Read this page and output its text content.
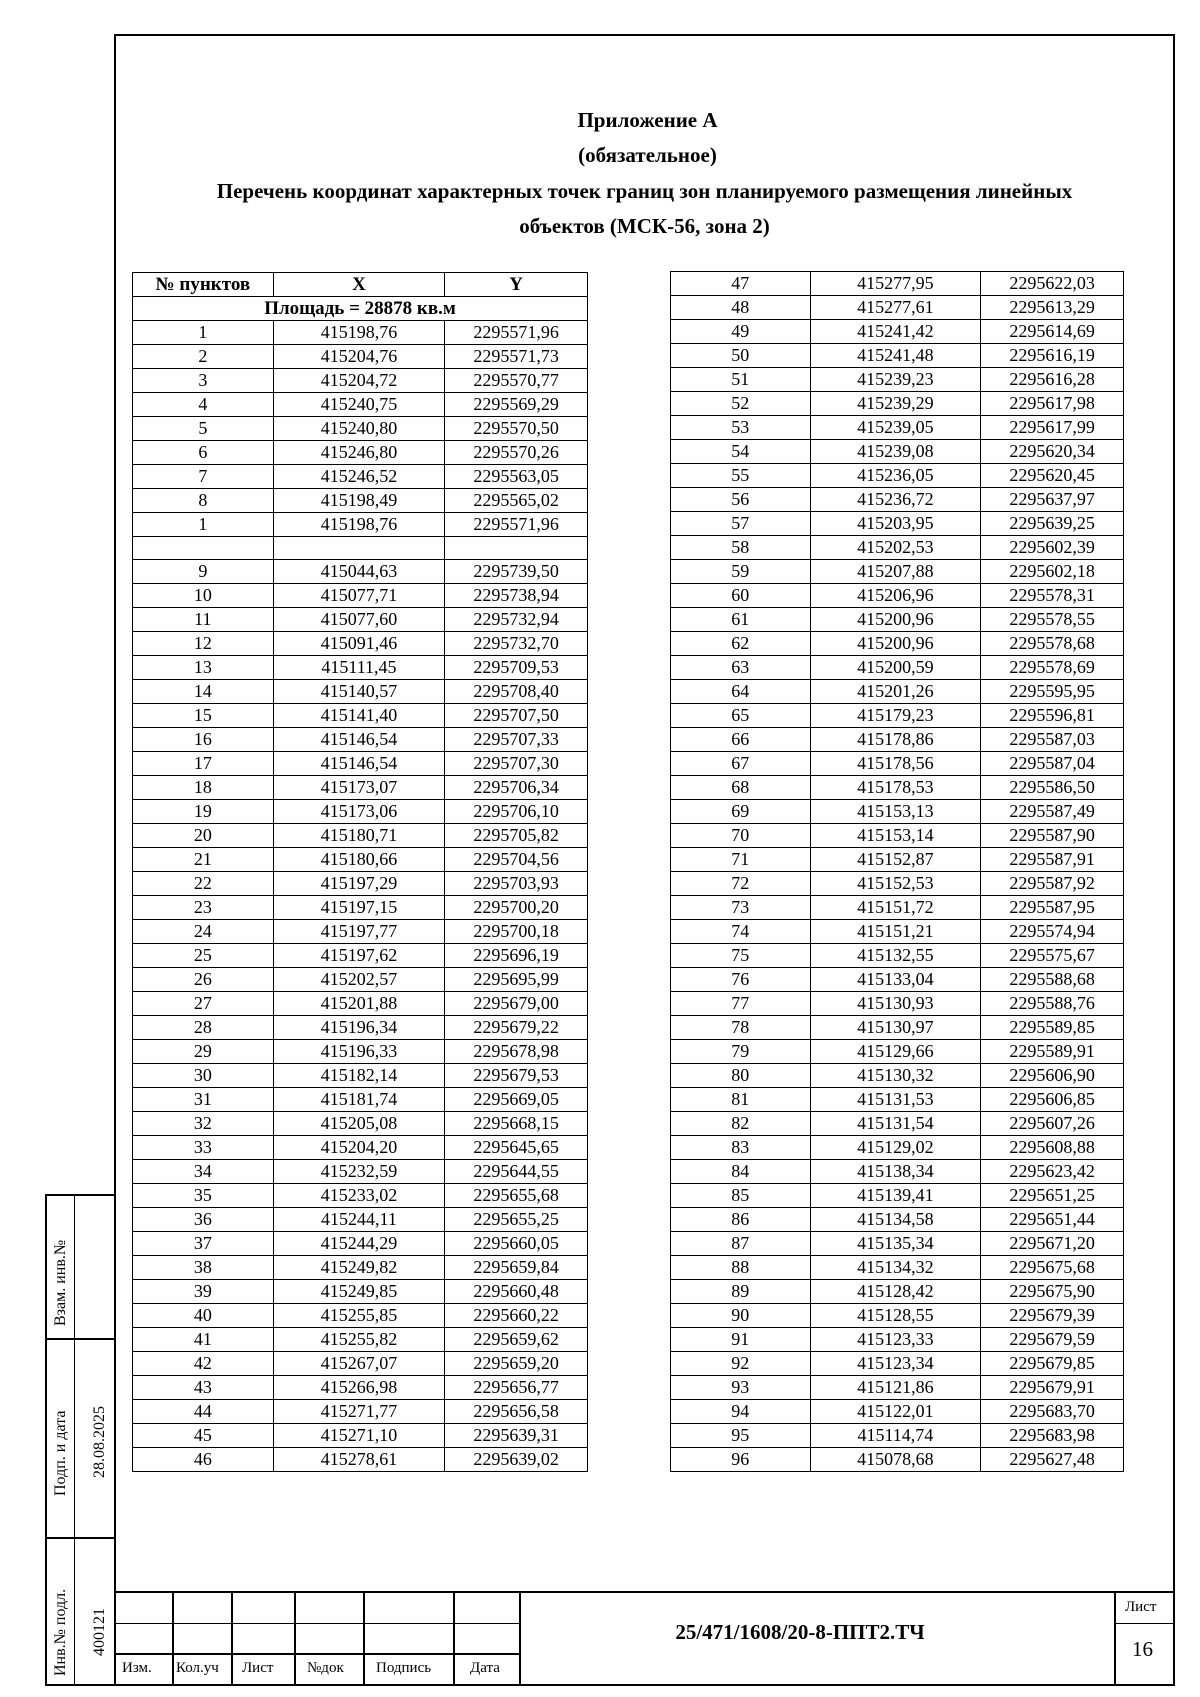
Приложение А
(обязательное)
Перечень координат характерных точек границ зон планируемого размещения линейных
объектов (МСК-56, зона 2)
№ пунктов	X	Y
Площадь = 28878 кв.м		
1	415198,76	2295571,96
2	415204,76	2295571,73
3	415204,72	2295570,77
4	415240,75	2295569,29
5	415240,80	2295570,50
6	415246,80	2295570,26
7	415246,52	2295563,05
8	415198,49	2295565,02
1	415198,76	2295571,96

9	415044,63	2295739,50
10	415077,71	2295738,94
11	415077,60	2295732,94
12	415091,46	2295732,70
13	415111,45	2295709,53
14	415140,57	2295708,40
15	415141,40	2295707,50
16	415146,54	2295707,33
17	415146,54	2295707,30
18	415173,07	2295706,34
19	415173,06	2295706,10
20	415180,71	2295705,82
21	415180,66	2295704,56
22	415197,29	2295703,93
23	415197,15	2295700,20
24	415197,77	2295700,18
25	415197,62	2295696,19
26	415202,57	2295695,99
27	415201,88	2295679,00
28	415196,34	2295679,22
29	415196,33	2295678,98
30	415182,14	2295679,53
31	415181,74	2295669,05
32	415205,08	2295668,15
33	415204,20	2295645,65
34	415232,59	2295644,55
35	415233,02	2295655,68
36	415244,11	2295655,25
37	415244,29	2295660,05
38	415249,82	2295659,84
39	415249,85	2295660,48
40	415255,85	2295660,22
41	415255,82	2295659,62
42	415267,07	2295659,20
43	415266,98	2295656,77
44	415271,77	2295656,58
45	415271,10	2295639,31
46	415278,61	2295639,02
47	415277,95	2295622,03
48	415277,61	2295613,29
49	415241,42	2295614,69
50	415241,48	2295616,19
51	415239,23	2295616,28
52	415239,29	2295617,98
53	415239,05	2295617,99
54	415239,08	2295620,34
55	415236,05	2295620,45
56	415236,72	2295637,97
57	415203,95	2295639,25
58	415202,53	2295602,39
59	415207,88	2295602,18
60	415206,96	2295578,31
61	415200,96	2295578,55
62	415200,96	2295578,68
63	415200,59	2295578,69
64	415201,26	2295595,95
65	415179,23	2295596,81
66	415178,86	2295587,03
67	415178,56	2295587,04
68	415178,53	2295586,50
69	415153,13	2295587,49
70	415153,14	2295587,90
71	415152,87	2295587,91
72	415152,53	2295587,92
73	415151,72	2295587,95
74	415151,21	2295574,94
75	415132,55	2295575,67
76	415133,04	2295588,68
77	415130,93	2295588,76
78	415130,97	2295589,85
79	415129,66	2295589,91
80	415130,32	2295606,90
81	415131,53	2295606,85
82	415131,54	2295607,26
83	415129,02	2295608,88
84	415138,34	2295623,42
85	415139,41	2295651,25
86	415134,58	2295651,44
87	415135,34	2295671,20
88	415134,32	2295675,68
89	415128,42	2295675,90
90	415128,55	2295679,39
91	415123,33	2295679,59
92	415123,34	2295679,85
93	415121,86	2295679,91
94	415122,01	2295683,70
95	415114,74	2295683,98
96	415078,68	2295627,48
Взам. инв.№
Подп. и дата 28.08.2025
Инв.№ подл. 400121
Изм. Кол.уч Лист №док Подпись	Дата
Лист
16
25/471/1608/20-8-ППТ2.ТЧ
